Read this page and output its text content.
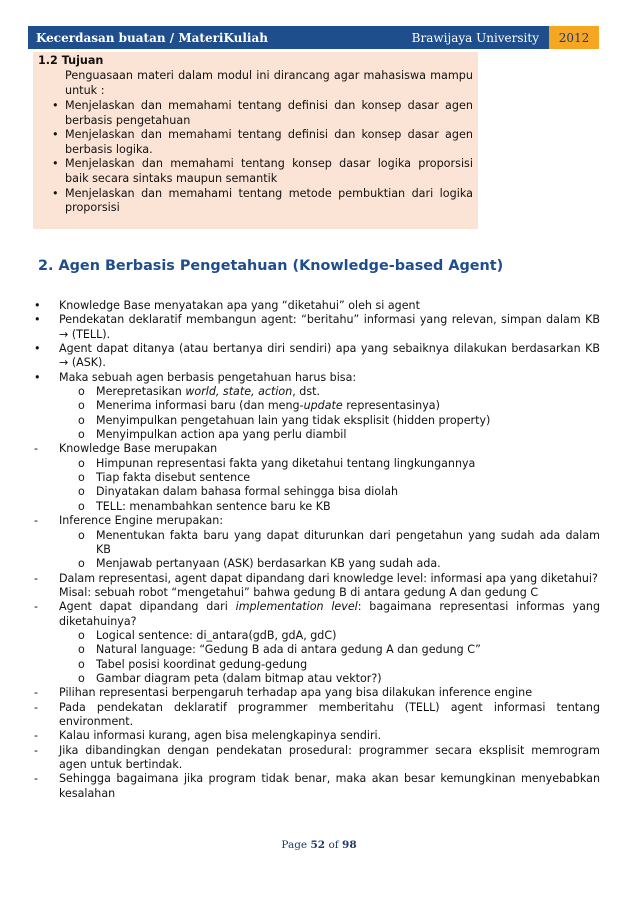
Kecerdasan buatan / MateriKuliah	Brawijaya University	2012
1.2 Tujuan
Penguasaan materi dalam modul ini dirancang agar mahasiswa mampu untuk :
• Menjelaskan dan memahami tentang definisi dan konsep dasar agen berbasis pengetahuan
• Menjelaskan dan memahami tentang definisi dan konsep dasar agen berbasis logika.
• Menjelaskan dan memahami tentang konsep dasar logika proporsisi baik secara sintaks maupun semantik
• Menjelaskan dan memahami tentang metode pembuktian dari logika proporsisi
2. Agen Berbasis Pengetahuan (Knowledge-based Agent)
•	Knowledge Base menyatakan apa yang “diketahui” oleh si agent
•	Pendekatan deklaratif membangun agent: “beritahu” informasi yang relevan, simpan dalam KB → (TELL).
•	Agent dapat ditanya (atau bertanya diri sendiri) apa yang sebaiknya dilakukan berdasarkan KB → (ASK).
•	Maka sebuah agen berbasis pengetahuan harus bisa:
o Merepretasikan world, state, action, dst.
o Menerima informasi baru (dan meng-update representasinya)
o Menyimpulkan pengetahuan lain yang tidak eksplisit (hidden property)
o Menyimpulkan action apa yang perlu diambil
-	Knowledge Base merupakan
o Himpunan representasi fakta yang diketahui tentang lingkungannya
o Tiap fakta disebut sentence
o Dinyatakan dalam bahasa formal sehingga bisa diolah
o TELL: menambahkan sentence baru ke KB
-	Inference Engine merupakan:
o Menentukan fakta baru yang dapat diturunkan dari pengetahun yang sudah ada dalam KB
o Menjawab pertanyaan (ASK) berdasarkan KB yang sudah ada.
-	Dalam representasi, agent dapat dipandang dari knowledge level: informasi apa yang diketahui?
Misal: sebuah robot “mengetahui” bahwa gedung B di antara gedung A dan gedung C
-	Agent dapat dipandang dari implementation level: bagaimana representasi informas yang diketahuinya?
o Logical sentence: di_antara(gdB, gdA, gdC)
o Natural language: “Gedung B ada di antara gedung A dan gedung C”
o Tabel posisi koordinat gedung-gedung
o Gambar diagram peta (dalam bitmap atau vektor?)
-	Pilihan representasi berpengaruh terhadap apa yang bisa dilakukan inference engine
-	Pada pendekatan deklaratif programmer memberitahu (TELL) agent informasi tentang environment.
-	Kalau informasi kurang, agen bisa melengkapinya sendiri.
-	Jika dibandingkan dengan pendekatan prosedural: programmer secara eksplisit memrogram agen untuk bertindak.
-	Sehingga bagaimana jika program tidak benar, maka akan besar kemungkinan menyebabkan kesalahan
Page 52 of 98
